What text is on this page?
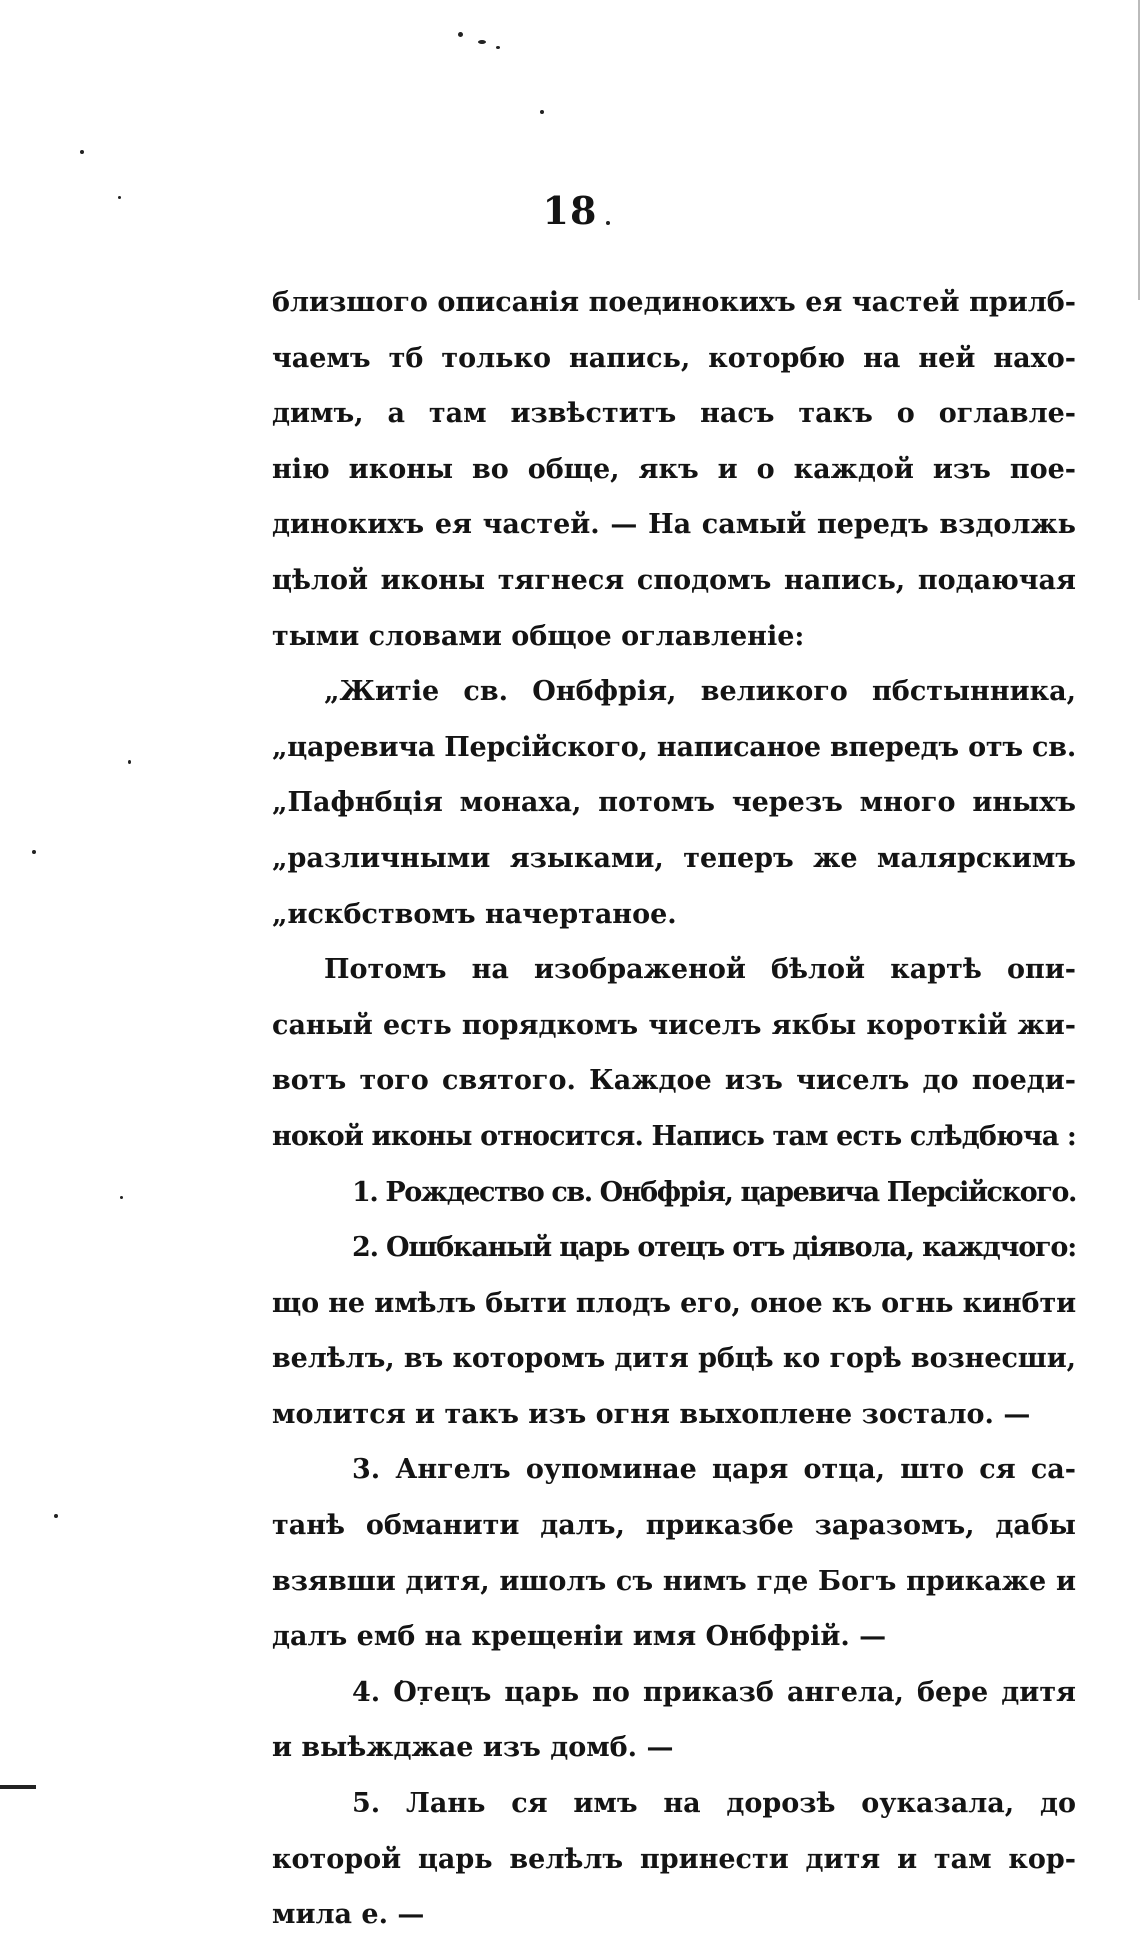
18
близшого описанія поединокихъ ея частей прилб-
чаемъ тб только напись, которбю на ней нахо-
димъ, а там извѣститъ насъ такъ о оглавле-
нію иконы во обще, якъ и о каждой изъ пое-
динокихъ ея частей. — На самый передъ вздолжь
цѣлой иконы тягнеся сподомъ напись, подаючая
тыми словами общое оглавленіе:
„Житіе св. Онбфрія, великого пбстынника,
„царевича Персійского, написаное впередъ отъ св.
„Пафнбція монаха, потомъ черезъ много иныхъ
„различными языками, теперъ же малярскимъ
„искбствомъ начертаное.
Потомъ на изображеной бѣлой картѣ опи-
саный есть порядкомъ чиселъ якбы короткій жи-
вотъ того святого. Каждое изъ чиселъ до поеди-
нокой иконы относится. Напись там есть слѣдбюча :
1. Рождество св. Онбфрія, царевича Персійского.
2. Ошбканый царь отецъ отъ діявола, каждчого:
що не имѣлъ быти плодъ его, оное къ огнь кинбти
велѣлъ, въ которомъ дитя рбцѣ ко горѣ вознесши,
молится и такъ изъ огня выхоплене зостало. —
3. Ангелъ оупоминае царя отца, што ся са-
танѣ обманити далъ, приказбе заразомъ, дабы
взявши дитя, ишолъ съ нимъ где Богъ прикаже и
далъ емб на крещеніи имя Онбфрій. —
4. Отецъ царь по приказб ангела, бере дитя
и выѣжджае изъ домб. —
5. Лань ся имъ на дорозѣ оуказала, до
которой царь велѣлъ принести дитя и там кор-
мила е. —
